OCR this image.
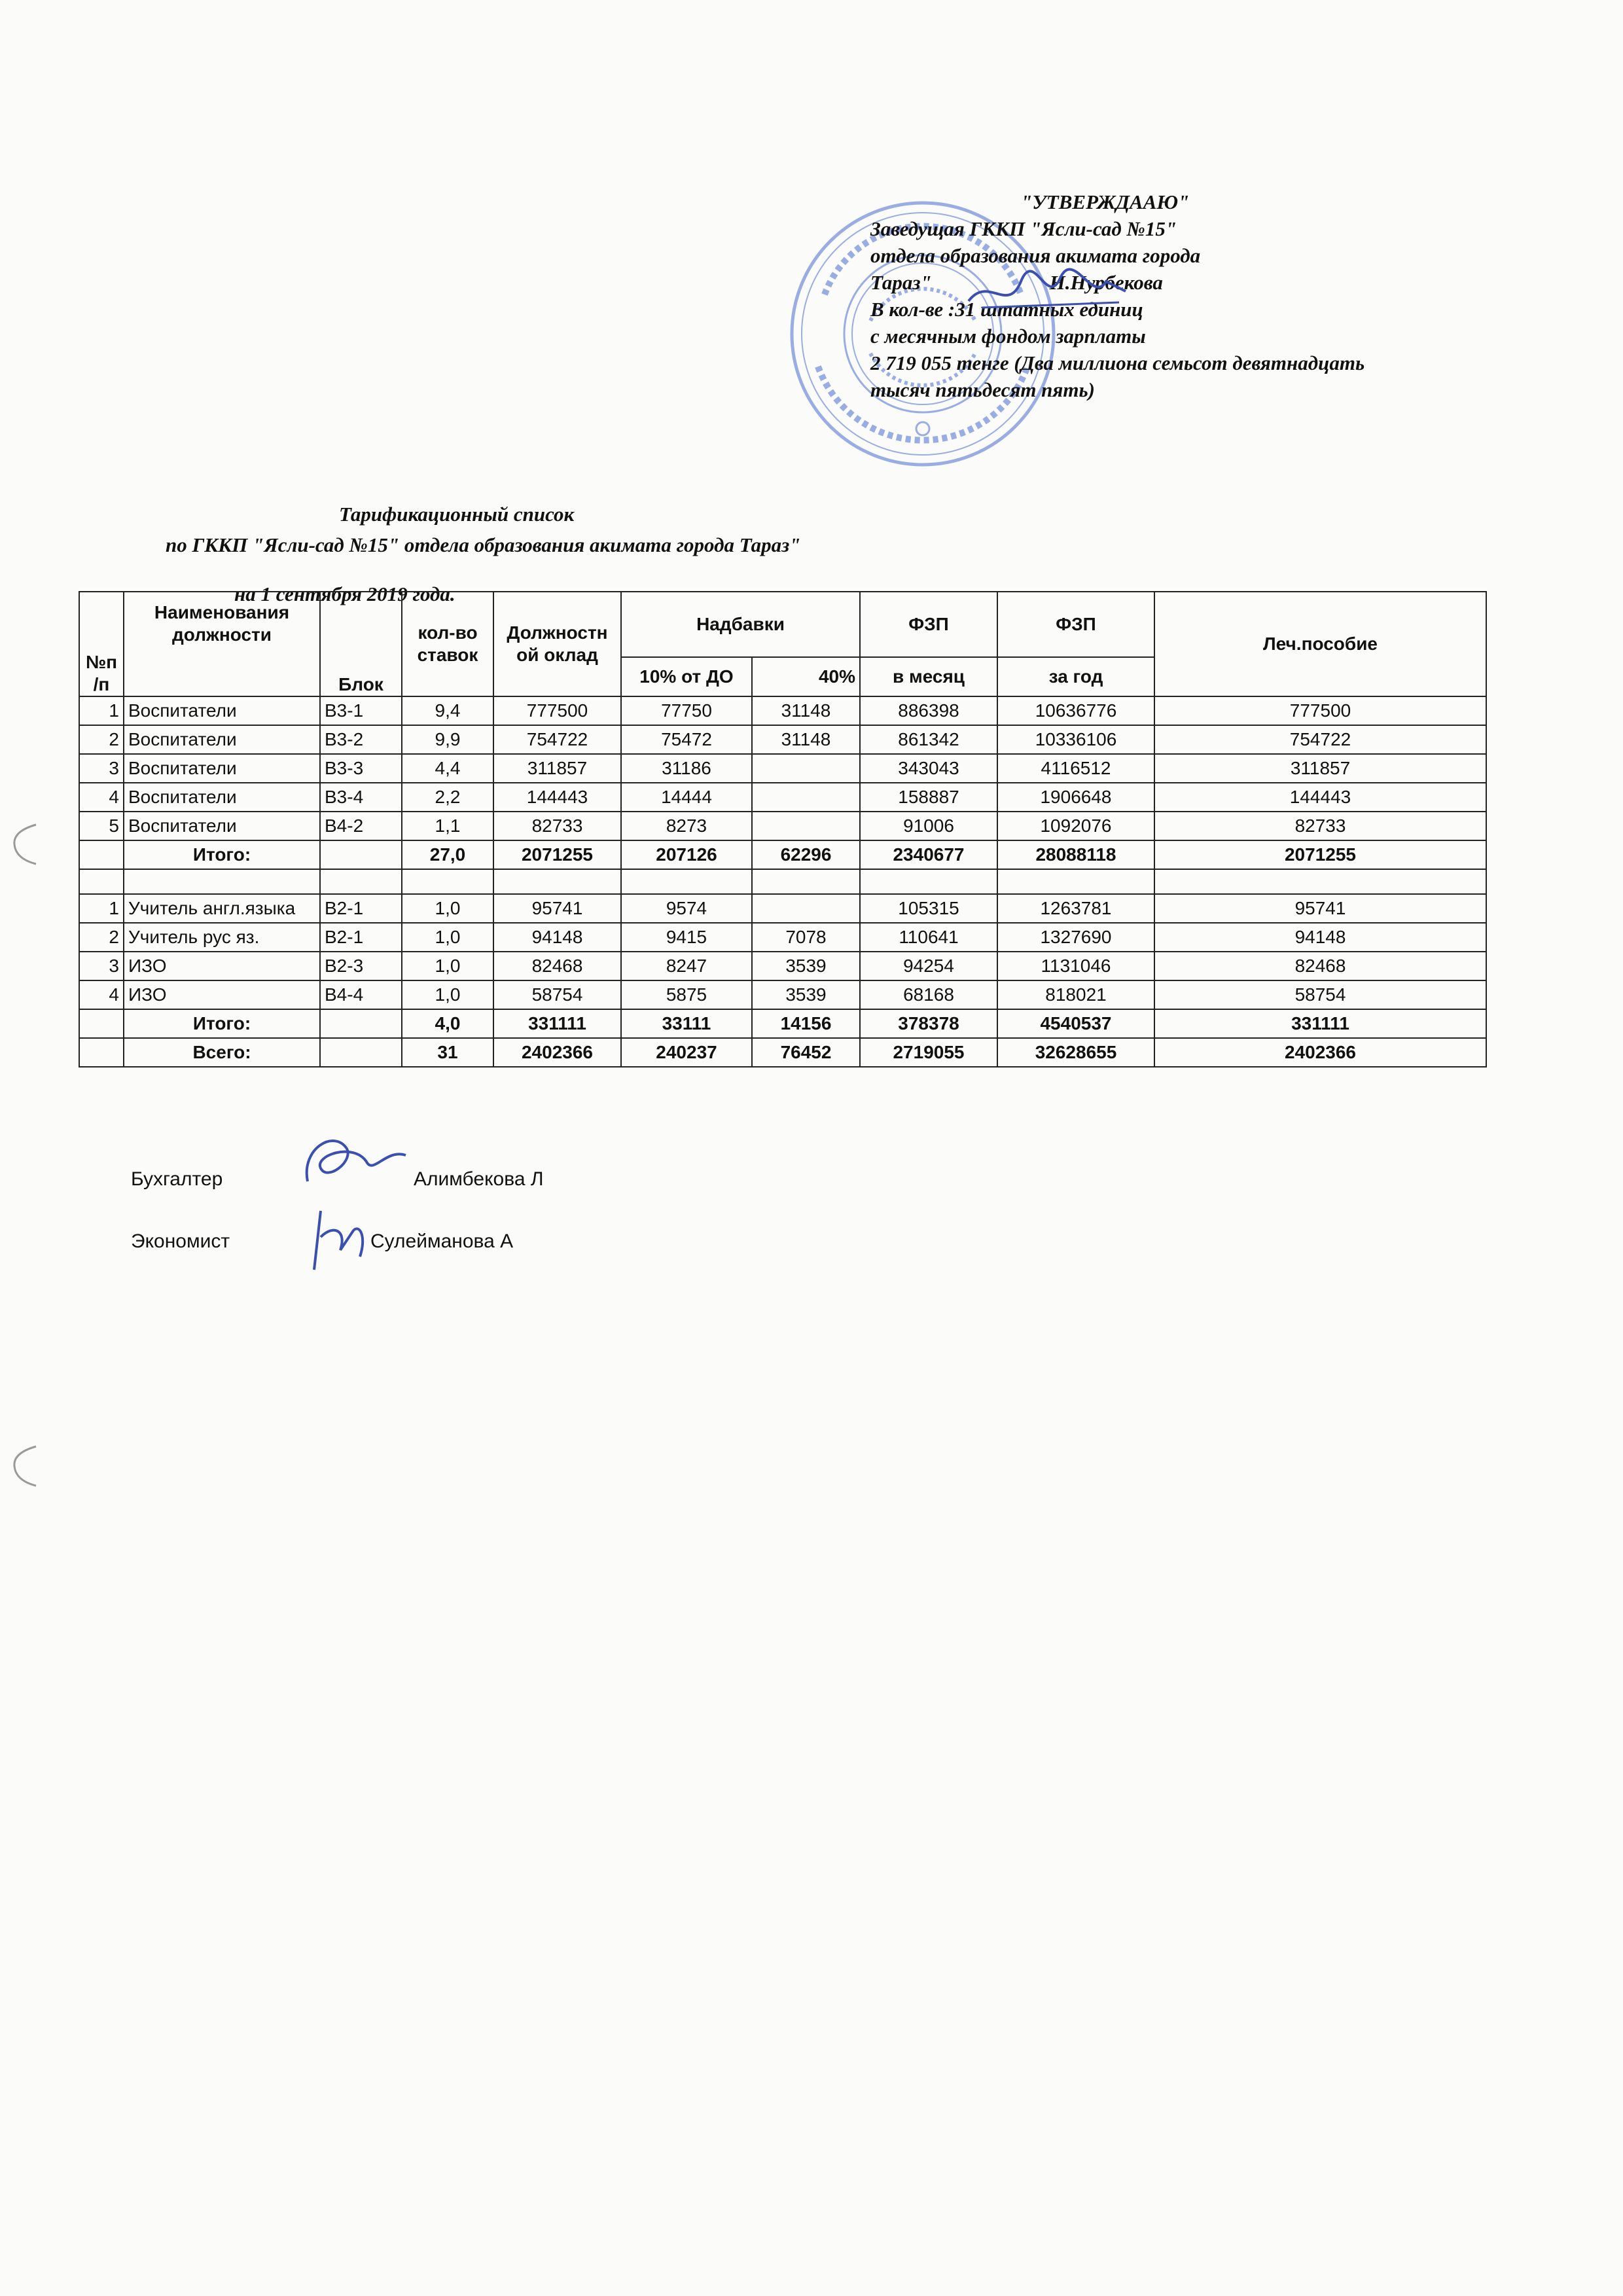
"УТВЕРЖДААЮ"
Заведущая ГККП "Ясли-сад №15"
отдела образования акимата города
Тараз"	Н.Нурбекова
В кол-ве :31 штатных единиц
с месячным фондом зарплаты
2 719 055 тенге (Два миллиона семьсот девятнадцать
тысяч пятьдесят пять)
Тарификационный список
по ГККП "Ясли-сад №15" отдела образования акимата города Тараз"
на 1 сентября 2019 года.
№п /п	Наименования должности	Блок	кол-во ставок	Должностн ой оклад	Надбавки		ФЗП	ФЗП	Леч.пособие
					10% от ДО	40%	в месяц	за год	
1	Воспитатели	В3-1	9,4	777500	77750	31148	886398	10636776	777500
2	Воспитатели	В3-2	9,9	754722	75472	31148	861342	10336106	754722
3	Воспитатели	В3-3	4,4	311857	31186		343043	4116512	311857
4	Воспитатели	В3-4	2,2	144443	14444		158887	1906648	144443
5	Воспитатели	В4-2	1,1	82733	8273		91006	1092076	82733
	Итого:		27,0	2071255	207126	62296	2340677	28088118	2071255

1	Учитель англ.языка	В2-1	1,0	95741	9574		105315	1263781	95741
2	Учитель рус яз.	В2-1	1,0	94148	9415	7078	110641	1327690	94148
3	ИЗО	В2-3	1,0	82468	8247	3539	94254	1131046	82468
4	ИЗО	В4-4	1,0	58754	5875	3539	68168	818021	58754
	Итого:		4,0	331111	33111	14156	378378	4540537	331111
	Всего:		31	2402366	240237	76452	2719055	32628655	2402366
Бухгалтер	Алимбекова Л
Экономист	Сулейманова А
